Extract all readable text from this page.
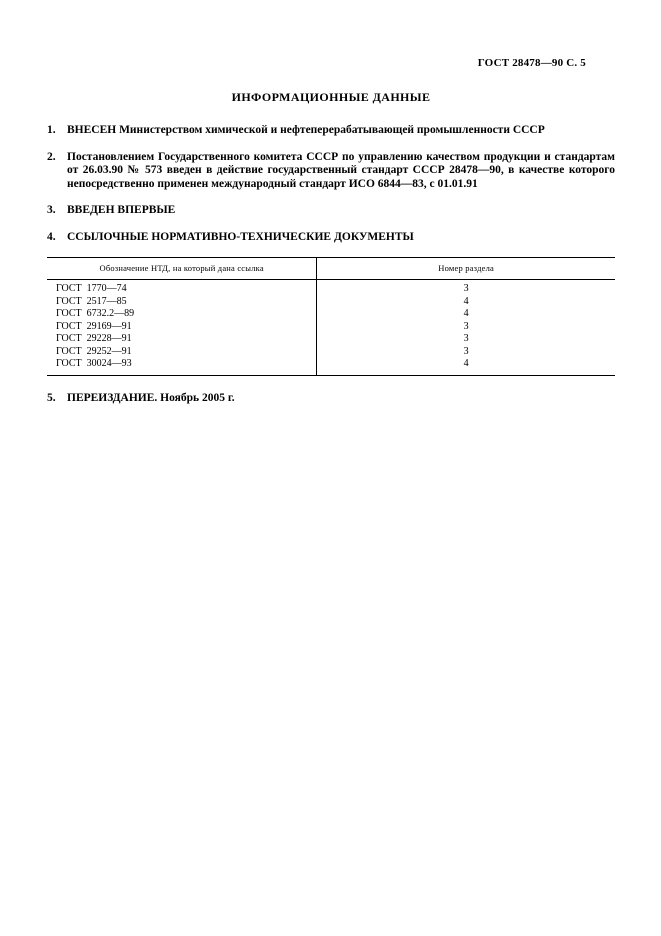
ГОСТ 28478—90 С. 5
ИНФОРМАЦИОННЫЕ ДАННЫЕ
1. ВНЕСЕН Министерством химической и нефтеперерабатывающей промышленности СССР
2. Постановлением Государственного комитета СССР по управлению качеством продукции и стандартам от 26.03.90 № 573 введен в действие государственный стандарт СССР 28478—90, в качестве которого непосредственно применен международный стандарт ИСО 6844—83, с 01.01.91
3. ВВЕДЕН ВПЕРВЫЕ
4. ССЫЛОЧНЫЕ НОРМАТИВНО-ТЕХНИЧЕСКИЕ ДОКУМЕНТЫ
Обозначение НТД, на который дана ссылка	Номер раздела
ГОСТ  1770—74	3
ГОСТ  2517—85	4
ГОСТ  6732.2—89	4
ГОСТ  29169—91	3
ГОСТ  29228—91	3
ГОСТ  29252—91	3
ГОСТ  30024—93	4
5. ПЕРЕИЗДАНИЕ. Ноябрь 2005 г.
